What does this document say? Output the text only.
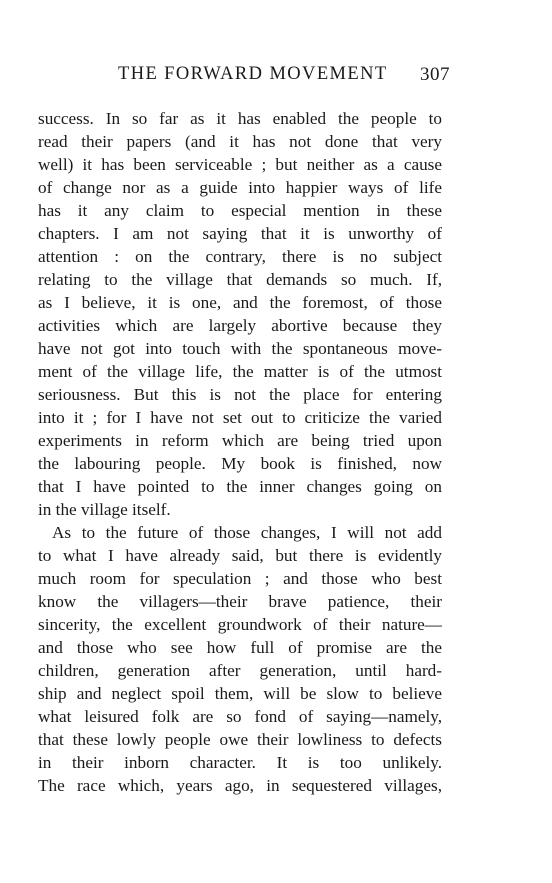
THE FORWARD MOVEMENT 307
success. In so far as it has enabled the people to
read their papers (and it has not done that very
well) it has been serviceable ; but neither as a cause
of change nor as a guide into happier ways of life
has it any claim to especial mention in these
chapters. I am not saying that it is unworthy of
attention : on the contrary, there is no subject
relating to the village that demands so much. If,
as I believe, it is one, and the foremost, of those
activities which are largely abortive because they
have not got into touch with the spontaneous move-
ment of the village life, the matter is of the utmost
seriousness. But this is not the place for entering
into it ; for I have not set out to criticize the varied
experiments in reform which are being tried upon
the labouring people. My book is finished, now
that I have pointed to the inner changes going on
in the village itself.
As to the future of those changes, I will not add
to what I have already said, but there is evidently
much room for speculation ; and those who best
know the villagers—their brave patience, their
sincerity, the excellent groundwork of their nature—
and those who see how full of promise are the
children, generation after generation, until hard-
ship and neglect spoil them, will be slow to believe
what leisured folk are so fond of saying—namely,
that these lowly people owe their lowliness to defects
in their inborn character. It is too unlikely.
The race which, years ago, in sequestered villages,
